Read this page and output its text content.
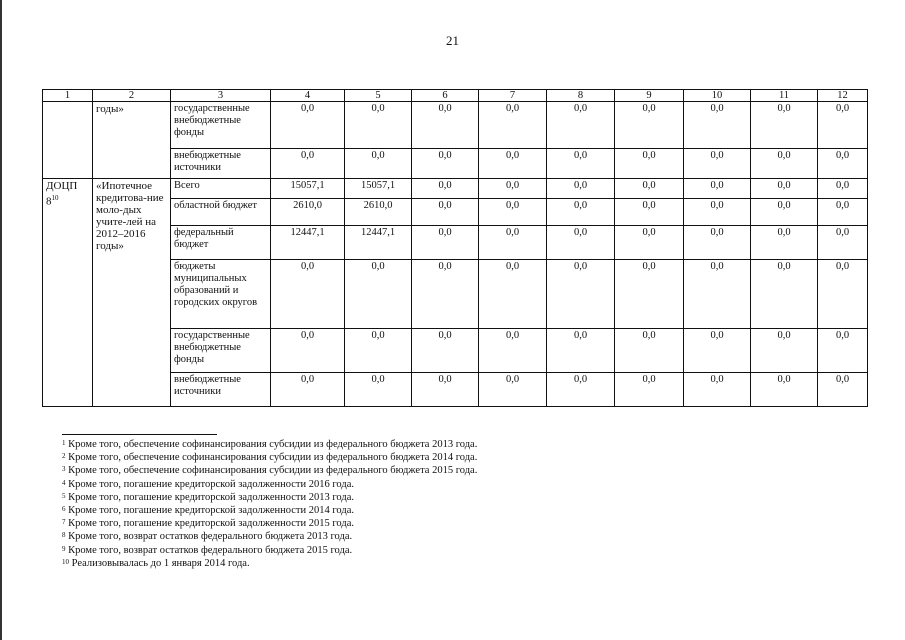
21
1	2	3	4	5	6	7	8	9	10	11	12
	годы»	государственные внебюджетные фонды	0,0	0,0	0,0	0,0	0,0	0,0	0,0	0,0	0,0
		внебюджетные источники	0,0	0,0	0,0	0,0	0,0	0,0	0,0	0,0	0,0
ДОЦП $8^{10}$	«Ипотечное кредитова-ние моло-дых учите-лей на 2012–2016 годы»	Всего	15057,1	15057,1	0,0	0,0	0,0	0,0	0,0	0,0	0,0
		областной бюджет	2610,0	2610,0	0,0	0,0	0,0	0,0	0,0	0,0	0,0
		федеральный бюджет	12447,1	12447,1	0,0	0,0	0,0	0,0	0,0	0,0	0,0
		бюджеты муниципальных образований и городских округов	0,0	0,0	0,0	0,0	0,0	0,0	0,0	0,0	0,0
		государственные внебюджетные фонды	0,0	0,0	0,0	0,0	0,0	0,0	0,0	0,0	0,0
		внебюджетные источники	0,0	0,0	0,0	0,0	0,0	0,0	0,0	0,0	0,0
$^1$ Кроме того, обеспечение софинансирования субсидии из федерального бюджета 2013 года.
$^2$ Кроме того, обеспечение софинансирования субсидии из федерального бюджета 2014 года.
$^3$ Кроме того, обеспечение софинансирования субсидии из федерального бюджета 2015 года.
$^4$ Кроме того, погашение кредиторской задолженности 2016 года.
$^5$ Кроме того, погашение кредиторской задолженности 2013 года.
$^6$ Кроме того, погашение кредиторской задолженности 2014 года.
$^7$ Кроме того, погашение кредиторской задолженности 2015 года.
$^8$ Кроме того, возврат остатков федерального бюджета 2013 года.
$^9$ Кроме того, возврат остатков федерального бюджета 2015 года.
$^{10}$ Реализовывалась до 1 января 2014 года.
